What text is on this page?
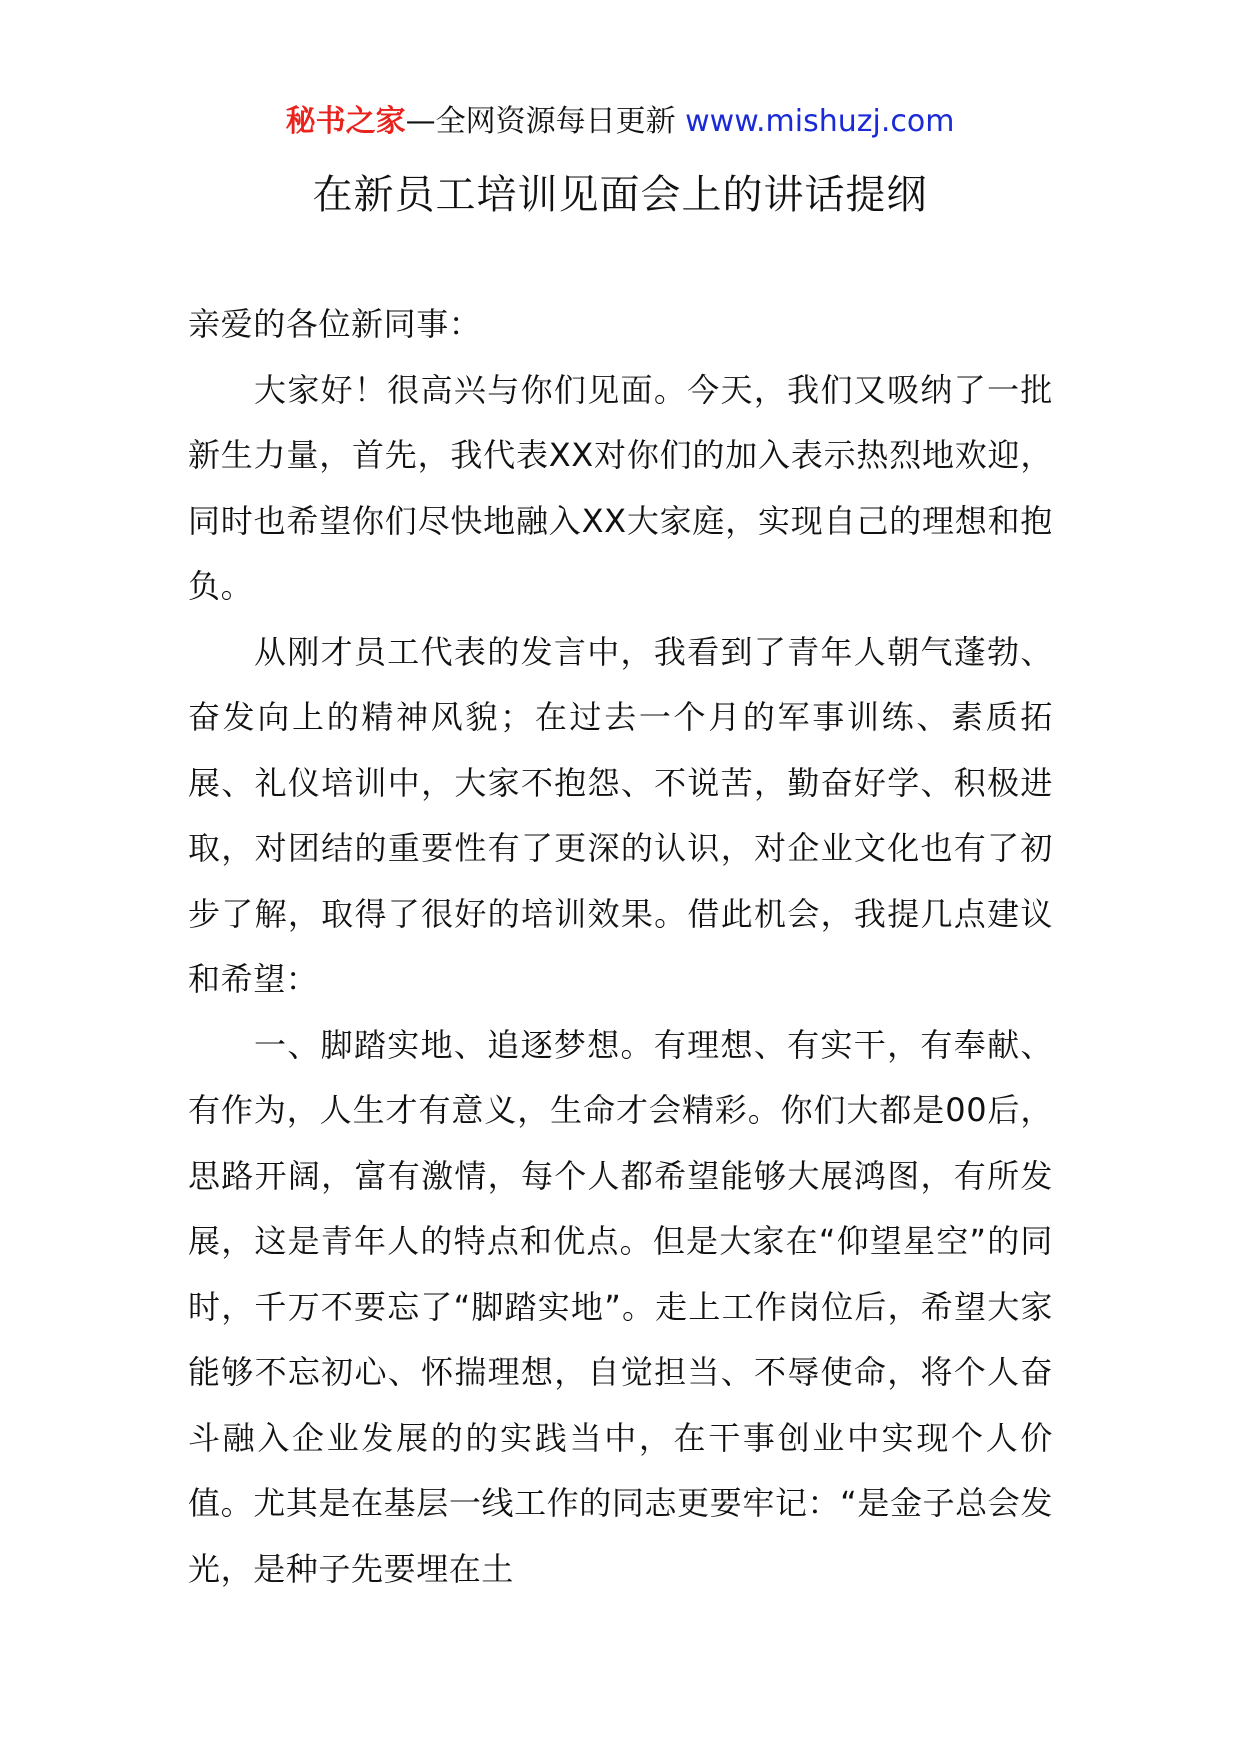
秘书之家—全网资源每日更新 www.mishuzj.com
在新员工培训见面会上的讲话提纲

亲爱的各位新同事：

大家好！很高兴与你们见面。今天，我们又吸纳了一批新生力量，首先，我代表XX对你们的加入表示热烈地欢迎，同时也希望你们尽快地融入XX大家庭，实现自己的理想和抱负。

从刚才员工代表的发言中，我看到了青年人朝气蓬勃、奋发向上的精神风貌；在过去一个月的军事训练、素质拓展、礼仪培训中，大家不抱怨、不说苦，勤奋好学、积极进取，对团结的重要性有了更深的认识，对企业文化也有了初步了解，取得了很好的培训效果。借此机会，我提几点建议和希望：

一、脚踏实地、追逐梦想。有理想、有实干，有奉献、有作为，人生才有意义，生命才会精彩。你们大都是00后，思路开阔，富有激情，每个人都希望能够大展鸿图，有所发展，这是青年人的特点和优点。但是大家在“仰望星空”的同时，千万不要忘了“脚踏实地”。走上工作岗位后，希望大家能够不忘初心、怀揣理想，自觉担当、不辱使命，将个人奋斗融入企业发展的的实践当中，在干事创业中实现个人价值。尤其是在基层一线工作的同志更要牢记：“是金子总会发光，是种子先要埋在土
